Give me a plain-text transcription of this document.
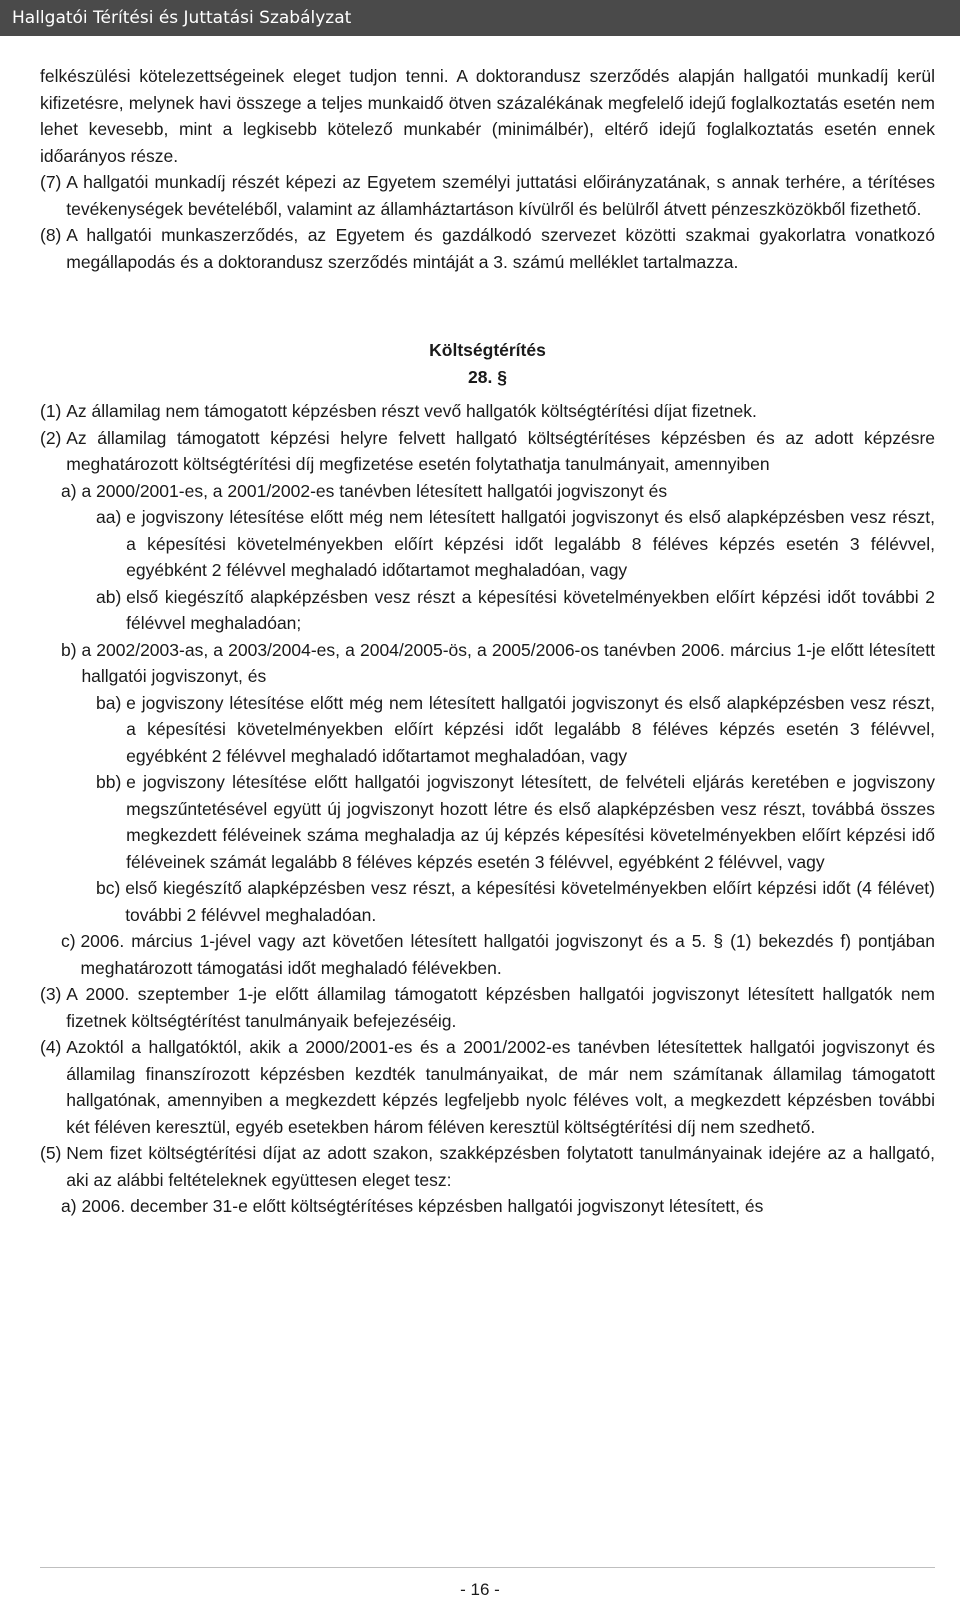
Hallgatói Térítési és Juttatási Szabályzat

felkészülési kötelezettségeinek eleget tudjon tenni. A doktorandusz szerződés alapján hallgatói munkadíj kerül kifizetésre, melynek havi összege a teljes munkaidő ötven százalékának megfelelő idejű foglalkoztatás esetén nem lehet kevesebb, mint a legkisebb kötelező munkabér (minimálbér), eltérő idejű foglalkoztatás esetén ennek időarányos része.

(7) A hallgatói munkadíj részét képezi az Egyetem személyi juttatási előirányzatának, s annak terhére, a térítéses tevékenységek bevételéből, valamint az államháztartáson kívülről és belülről átvett pénzeszközökből fizethető.
(8) A hallgatói munkaszerződés, az Egyetem és gazdálkodó szervezet közötti szakmai gyakorlatra vonatkozó megállapodás és a doktorandusz szerződés mintáját a 3. számú melléklet tartalmazza.

Költségtérítés

28. §

(1) Az államilag nem támogatott képzésben részt vevő hallgatók költségtérítési díjat fizetnek.
(2) Az államilag támogatott képzési helyre felvett hallgató költségtérítéses képzésben és az adott képzésre meghatározott költségtérítési díj megfizetése esetén folytathatja tanulmányait, amennyiben
a) a 2000/2001-es, a 2001/2002-es tanévben létesített hallgatói jogviszonyt és
aa) e jogviszony létesítése előtt még nem létesített hallgatói jogviszonyt és első alapképzésben vesz részt, a képesítési követelményekben előírt képzési időt legalább 8 féléves képzés esetén 3 félévvel, egyébként 2 félévvel meghaladó időtartamot meghaladóan, vagy
ab) első kiegészítő alapképzésben vesz részt a képesítési követelményekben előírt képzési időt további 2 félévvel meghaladóan;
b) a 2002/2003-as, a 2003/2004-es, a 2004/2005-ös, a 2005/2006-os tanévben 2006. március 1-je előtt létesített hallgatói jogviszonyt, és
ba) e jogviszony létesítése előtt még nem létesített hallgatói jogviszonyt és első alapképzésben vesz részt, a képesítési követelményekben előírt képzési időt legalább 8 féléves képzés esetén 3 félévvel, egyébként 2 félévvel meghaladó időtartamot meghaladóan, vagy
bb) e jogviszony létesítése előtt hallgatói jogviszonyt létesített, de felvételi eljárás keretében e jogviszony megszűntetésével együtt új jogviszonyt hozott létre és első alapképzésben vesz részt, továbbá összes megkezdett féléveinek száma meghaladja az új képzés képesítési követelményekben előírt képzési idő féléveinek számát legalább 8 féléves képzés esetén 3 félévvel, egyébként 2 félévvel, vagy
bc) első kiegészítő alapképzésben vesz részt, a képesítési követelményekben előírt képzési időt (4 félévet) további 2 félévvel meghaladóan.
c) 2006. március 1-jével vagy azt követően létesített hallgatói jogviszonyt és a 5. § (1) bekezdés f) pontjában meghatározott támogatási időt meghaladó félévekben.
(3) A 2000. szeptember 1-je előtt államilag támogatott képzésben hallgatói jogviszonyt létesített hallgatók nem fizetnek költségtérítést tanulmányaik befejezéséig.
(4) Azoktól a hallgatóktól, akik a 2000/2001-es és a 2001/2002-es tanévben létesítettek hallgatói jogviszonyt és államilag finanszírozott képzésben kezdték tanulmányaikat, de már nem számítanak államilag támogatott hallgatónak, amennyiben a megkezdett képzés legfeljebb nyolc féléves volt, a megkezdett képzésben további két féléven keresztül, egyéb esetekben három féléven keresztül költségtérítési díj nem szedhető.
(5) Nem fizet költségtérítési díjat az adott szakon, szakképzésben folytatott tanulmányainak idejére az a hallgató, aki az alábbi feltételeknek együttesen eleget tesz:
a) 2006. december 31-e előtt költségtérítéses képzésben hallgatói jogviszonyt létesített, és
- 16 -
